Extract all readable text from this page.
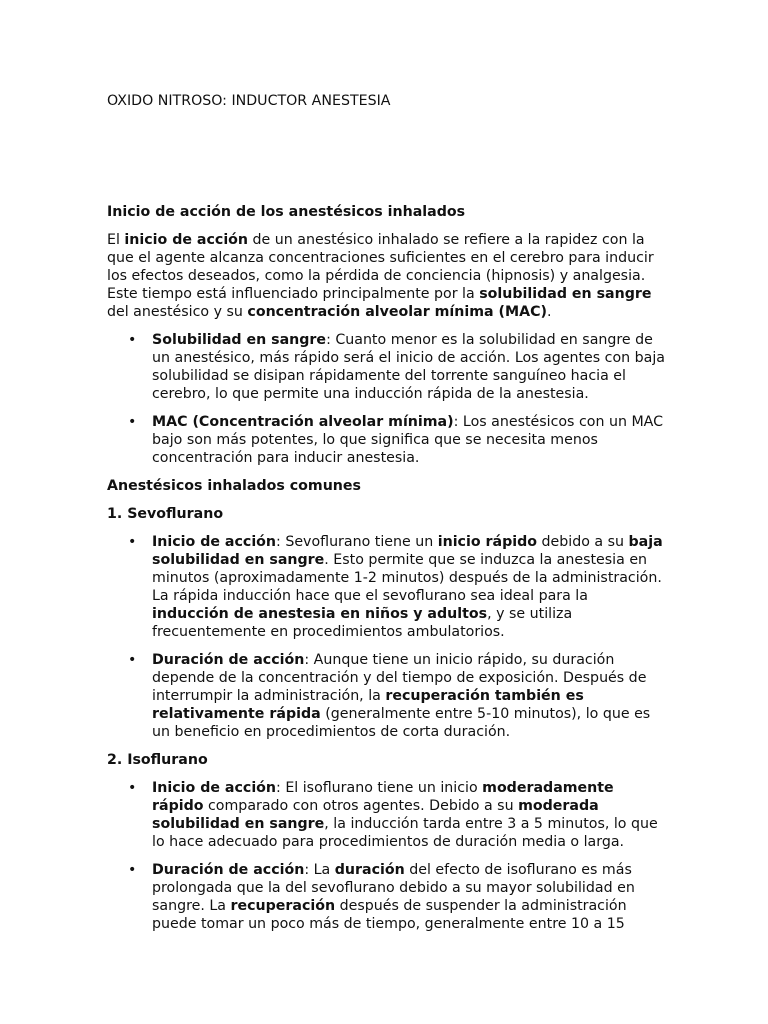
OXIDO NITROSO: INDUCTOR ANESTESIA
Inicio de acción de los anestésicos inhalados

El inicio de acción de un anestésico inhalado se refiere a la rapidez con la que el agente alcanza concentraciones suficientes en el cerebro para inducir los efectos deseados, como la pérdida de conciencia (hipnosis) y analgesia. Este tiempo está influenciado principalmente por la solubilidad en sangre del anestésico y su concentración alveolar mínima (MAC).

• Solubilidad en sangre: Cuanto menor es la solubilidad en sangre de un anestésico, más rápido será el inicio de acción. Los agentes con baja solubilidad se disipan rápidamente del torrente sanguíneo hacia el cerebro, lo que permite una inducción rápida de la anestesia.
• MAC (Concentración alveolar mínima): Los anestésicos con un MAC bajo son más potentes, lo que significa que se necesita menos concentración para inducir anestesia.
Anestésicos inhalados comunes
1. Sevoflurano
• Inicio de acción: Sevoflurano tiene un inicio rápido debido a su baja solubilidad en sangre. Esto permite que se induzca la anestesia en minutos (aproximadamente 1-2 minutos) después de la administración. La rápida inducción hace que el sevoflurano sea ideal para la inducción de anestesia en niños y adultos, y se utiliza frecuentemente en procedimientos ambulatorios.
• Duración de acción: Aunque tiene un inicio rápido, su duración depende de la concentración y del tiempo de exposición. Después de interrumpir la administración, la recuperación también es relativamente rápida (generalmente entre 5-10 minutos), lo que es un beneficio en procedimientos de corta duración.
2. Isoflurano
• Inicio de acción: El isoflurano tiene un inicio moderadamente rápido comparado con otros agentes. Debido a su moderada solubilidad en sangre, la inducción tarda entre 3 a 5 minutos, lo que lo hace adecuado para procedimientos de duración media o larga.
• Duración de acción: La duración del efecto de isoflurano es más prolongada que la del sevoflurano debido a su mayor solubilidad en sangre. La recuperación después de suspender la administración puede tomar un poco más de tiempo, generalmente entre 10 a 15
